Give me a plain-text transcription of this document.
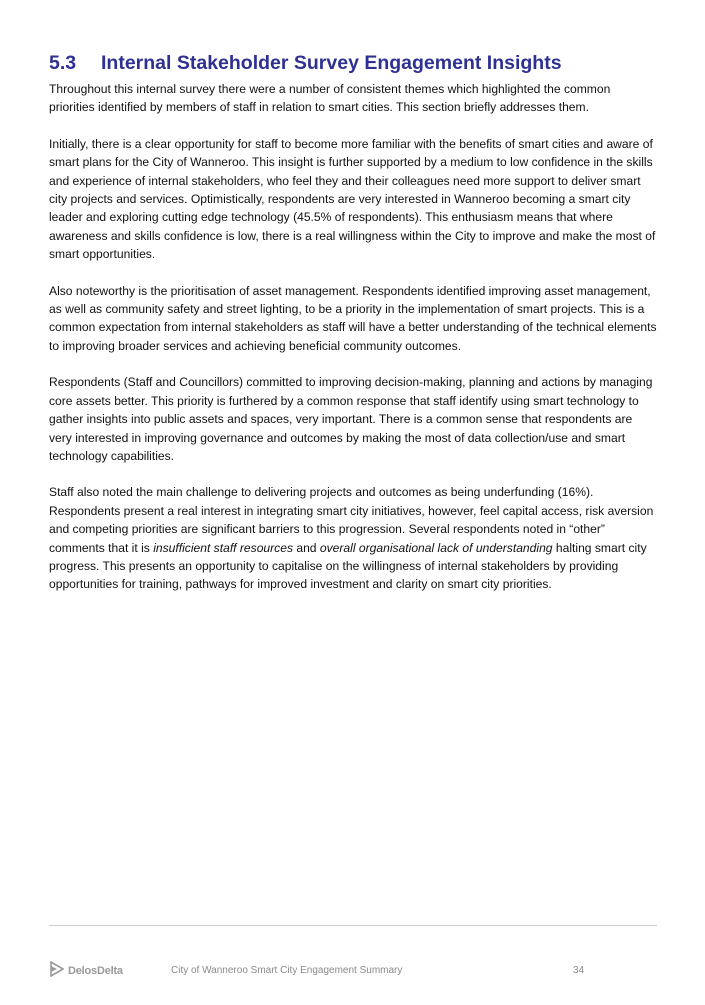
5.3 Internal Stakeholder Survey Engagement Insights

Throughout this internal survey there were a number of consistent themes which highlighted the common priorities identified by members of staff in relation to smart cities. This section briefly addresses them.

Initially, there is a clear opportunity for staff to become more familiar with the benefits of smart cities and aware of smart plans for the City of Wanneroo. This insight is further supported by a medium to low confidence in the skills and experience of internal stakeholders, who feel they and their colleagues need more support to deliver smart city projects and services. Optimistically, respondents are very interested in Wanneroo becoming a smart city leader and exploring cutting edge technology (45.5% of respondents). This enthusiasm means that where awareness and skills confidence is low, there is a real willingness within the City to improve and make the most of smart opportunities.

Also noteworthy is the prioritisation of asset management. Respondents identified improving asset management, as well as community safety and street lighting, to be a priority in the implementation of smart projects. This is a common expectation from internal stakeholders as staff will have a better understanding of the technical elements to improving broader services and achieving beneficial community outcomes.

Respondents (Staff and Councillors) committed to improving decision-making, planning and actions by managing core assets better. This priority is furthered by a common response that staff identify using smart technology to gather insights into public assets and spaces, very important. There is a common sense that respondents are very interested in improving governance and outcomes by making the most of data collection/use and smart technology capabilities.

Staff also noted the main challenge to delivering projects and outcomes as being underfunding (16%). Respondents present a real interest in integrating smart city initiatives, however, feel capital access, risk aversion and competing priorities are significant barriers to this progression. Several respondents noted in “other” comments that it is insufficient staff resources and overall organisational lack of understanding halting smart city progress. This presents an opportunity to capitalise on the willingness of internal stakeholders by providing opportunities for training, pathways for improved investment and clarity on smart city priorities.

DelosDelta	City of Wanneroo Smart City Engagement Summary	34
